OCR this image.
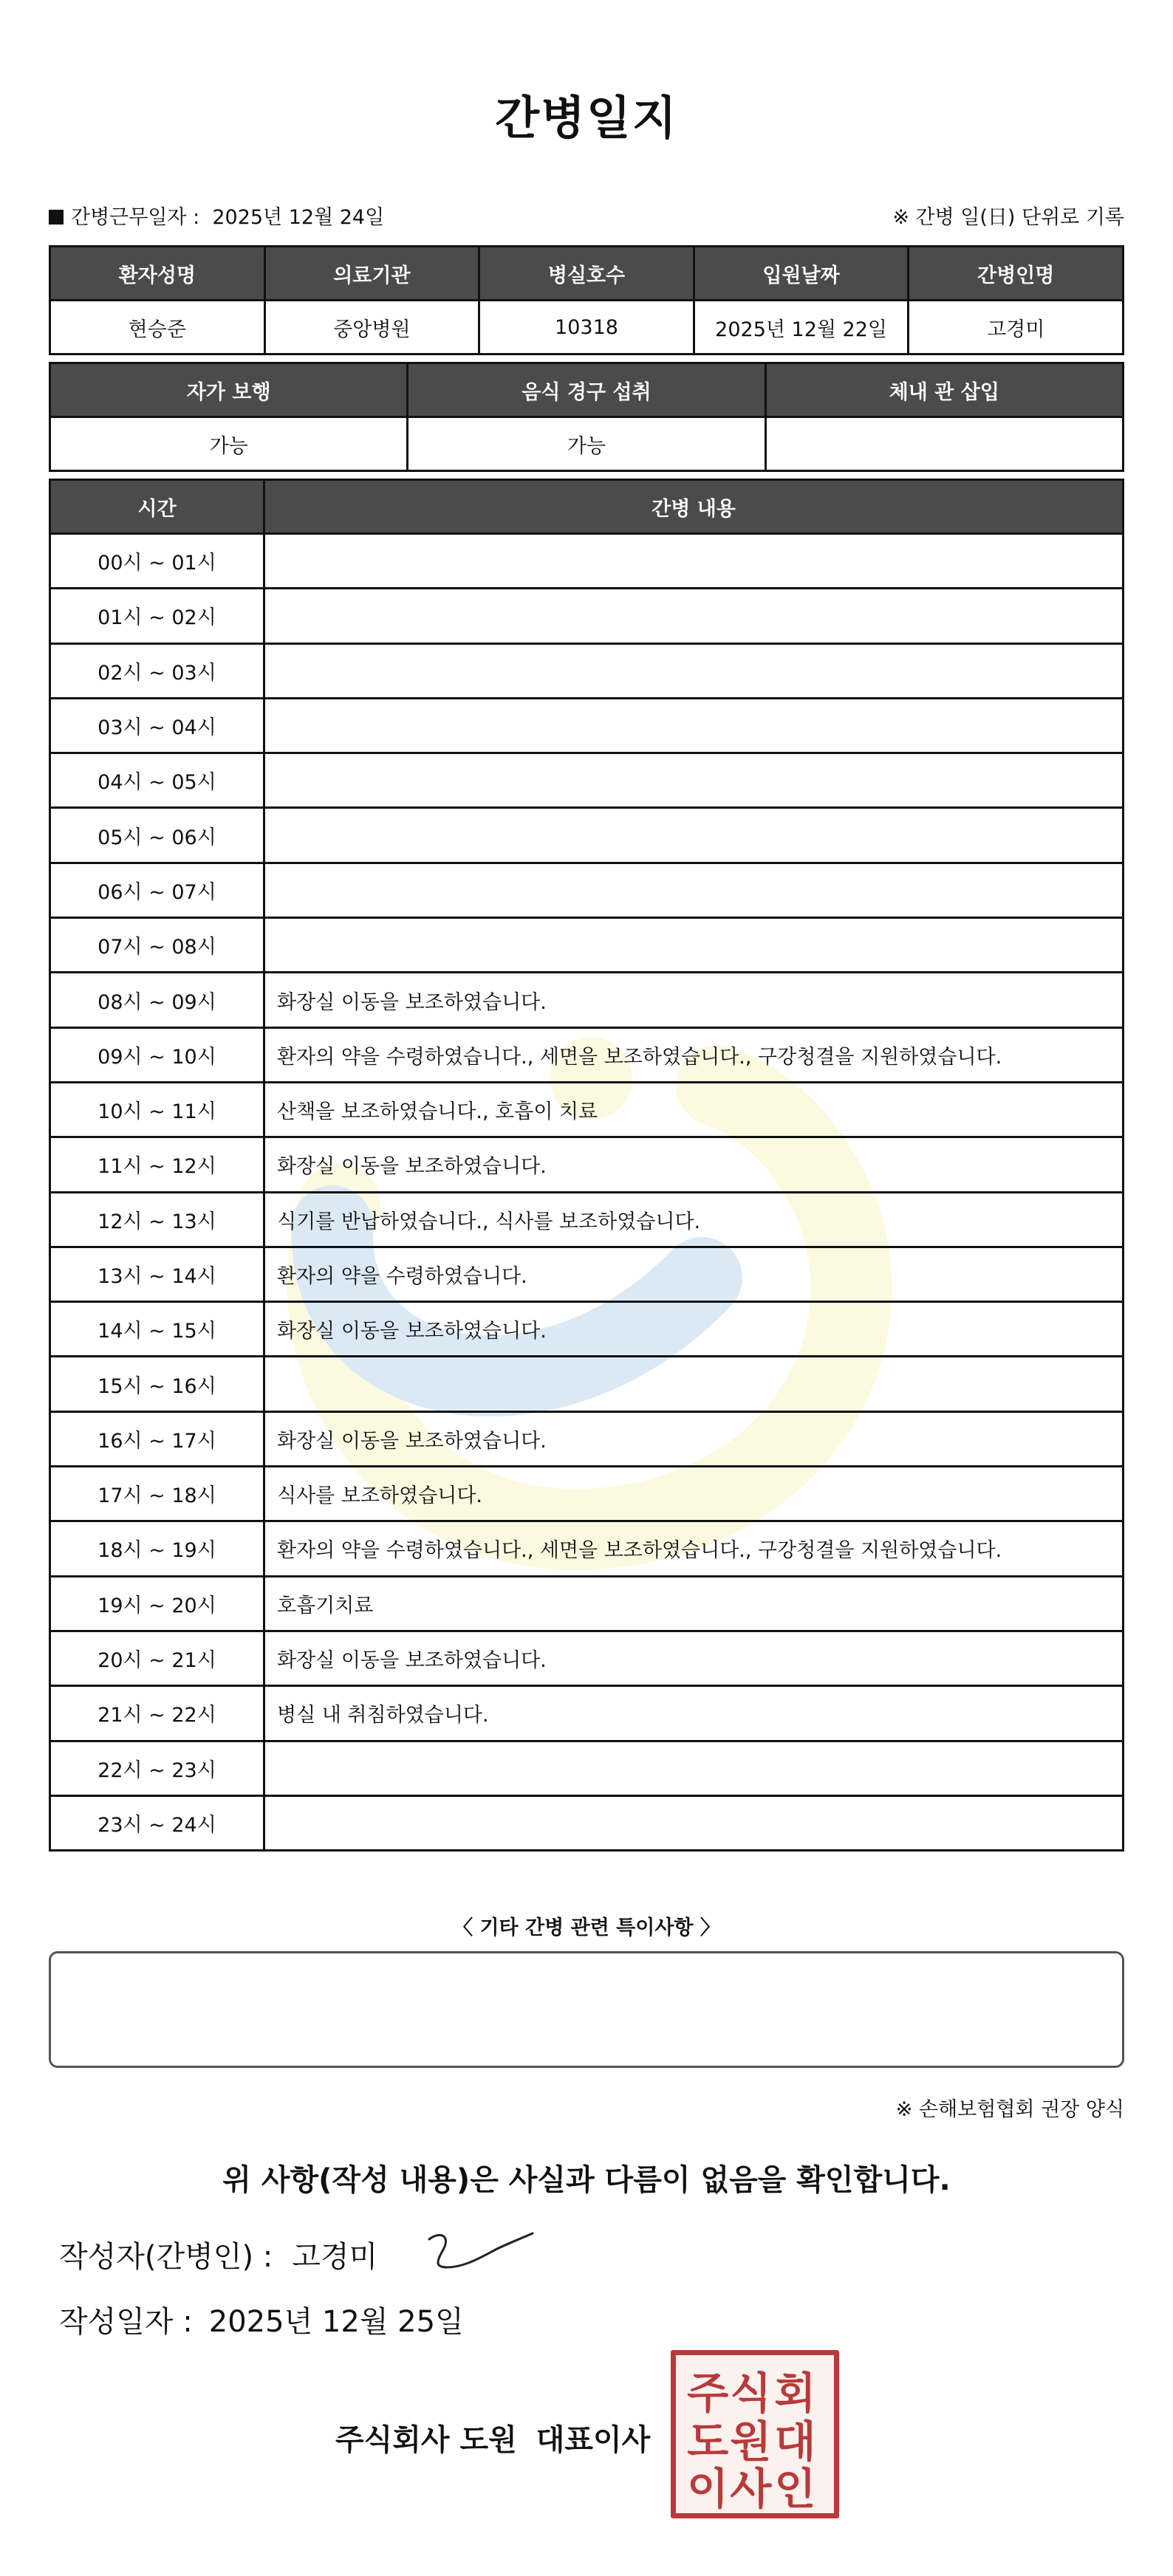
간병일지
간병근무일자 : 2025년 12월 24일	※ 간병 일(日) 단위로 기록
환자성명	의료기관	병실호수	입원날짜	간병인명
현승준	중앙병원	10318	2025년 12월 22일	고경미
자가 보행	음식 경구 섭취	체내 관 삽입
가능	가능	
시간	간병 내용
00시 ~ 01시	
01시 ~ 02시	
02시 ~ 03시	
03시 ~ 04시	
04시 ~ 05시	
05시 ~ 06시	
06시 ~ 07시	
07시 ~ 08시	
08시 ~ 09시	화장실 이동을 보조하였습니다.
09시 ~ 10시	환자의 약을 수령하였습니다., 세면을 보조하였습니다., 구강청결을 지원하였습니다.
10시 ~ 11시	산책을 보조하였습니다., 호흡이 치료
11시 ~ 12시	화장실 이동을 보조하였습니다.
12시 ~ 13시	식기를 반납하였습니다., 식사를 보조하였습니다.
13시 ~ 14시	환자의 약을 수령하였습니다.
14시 ~ 15시	화장실 이동을 보조하였습니다.
15시 ~ 16시	
16시 ~ 17시	화장실 이동을 보조하였습니다.
17시 ~ 18시	식사를 보조하였습니다.
18시 ~ 19시	환자의 약을 수령하였습니다., 세면을 보조하였습니다., 구강청결을 지원하였습니다.
19시 ~ 20시	호흡기치료
20시 ~ 21시	화장실 이동을 보조하였습니다.
21시 ~ 22시	병실 내 취침하였습니다.
22시 ~ 23시	
23시 ~ 24시	
〈 기타 간병 관련 특이사항 〉
※ 손해보험협회 권장 양식
위 사항(작성 내용)은 사실과 다름이 없음을 확인합니다.
작성자(간병인) : 고경미
작성일자 : 2025년 12월 25일
주식회사 도원 대표이사
주 식 회
도 원 대
이 사 인
